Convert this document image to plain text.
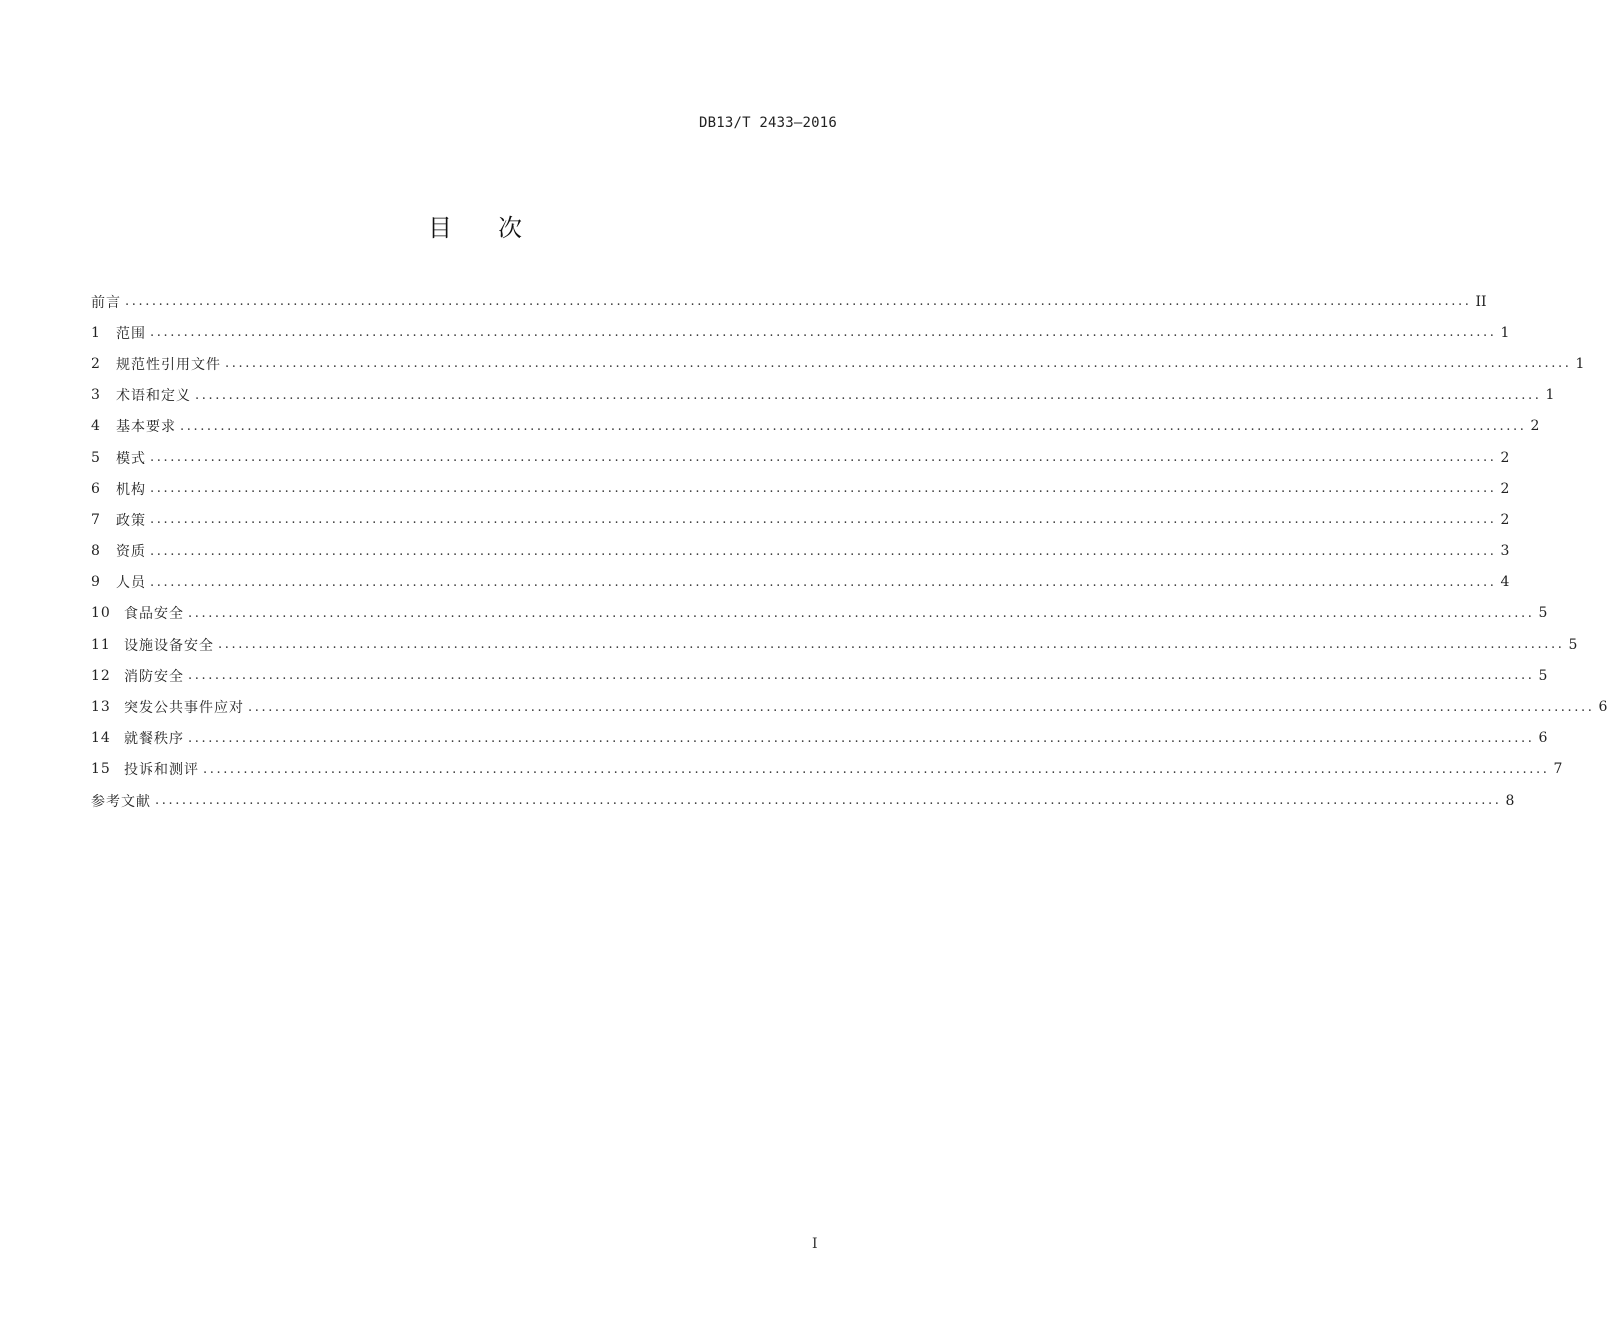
DB13/T 2433—2016
目次
前言 ........................................................................................................................................................................................................ II
1	范围 ........................................................................................................................................................................................................ 1
2	规范性引用文件 ........................................................................................................................................................................................................ 1
3	术语和定义 ........................................................................................................................................................................................................ 1
4	基本要求 ........................................................................................................................................................................................................ 2
5	模式 ........................................................................................................................................................................................................ 2
6	机构 ........................................................................................................................................................................................................ 2
7	政策 ........................................................................................................................................................................................................ 2
8	资质 ........................................................................................................................................................................................................ 3
9	人员 ........................................................................................................................................................................................................ 4
10 食品安全 ........................................................................................................................................................................................................ 5
11 设施设备安全 ........................................................................................................................................................................................................ 5
12 消防安全 ........................................................................................................................................................................................................ 5
13 突发公共事件应对 ........................................................................................................................................................................................................ 6
14 就餐秩序 ........................................................................................................................................................................................................ 6
15 投诉和测评 ........................................................................................................................................................................................................ 7
参考文献 ........................................................................................................................................................................................................ 8
I
